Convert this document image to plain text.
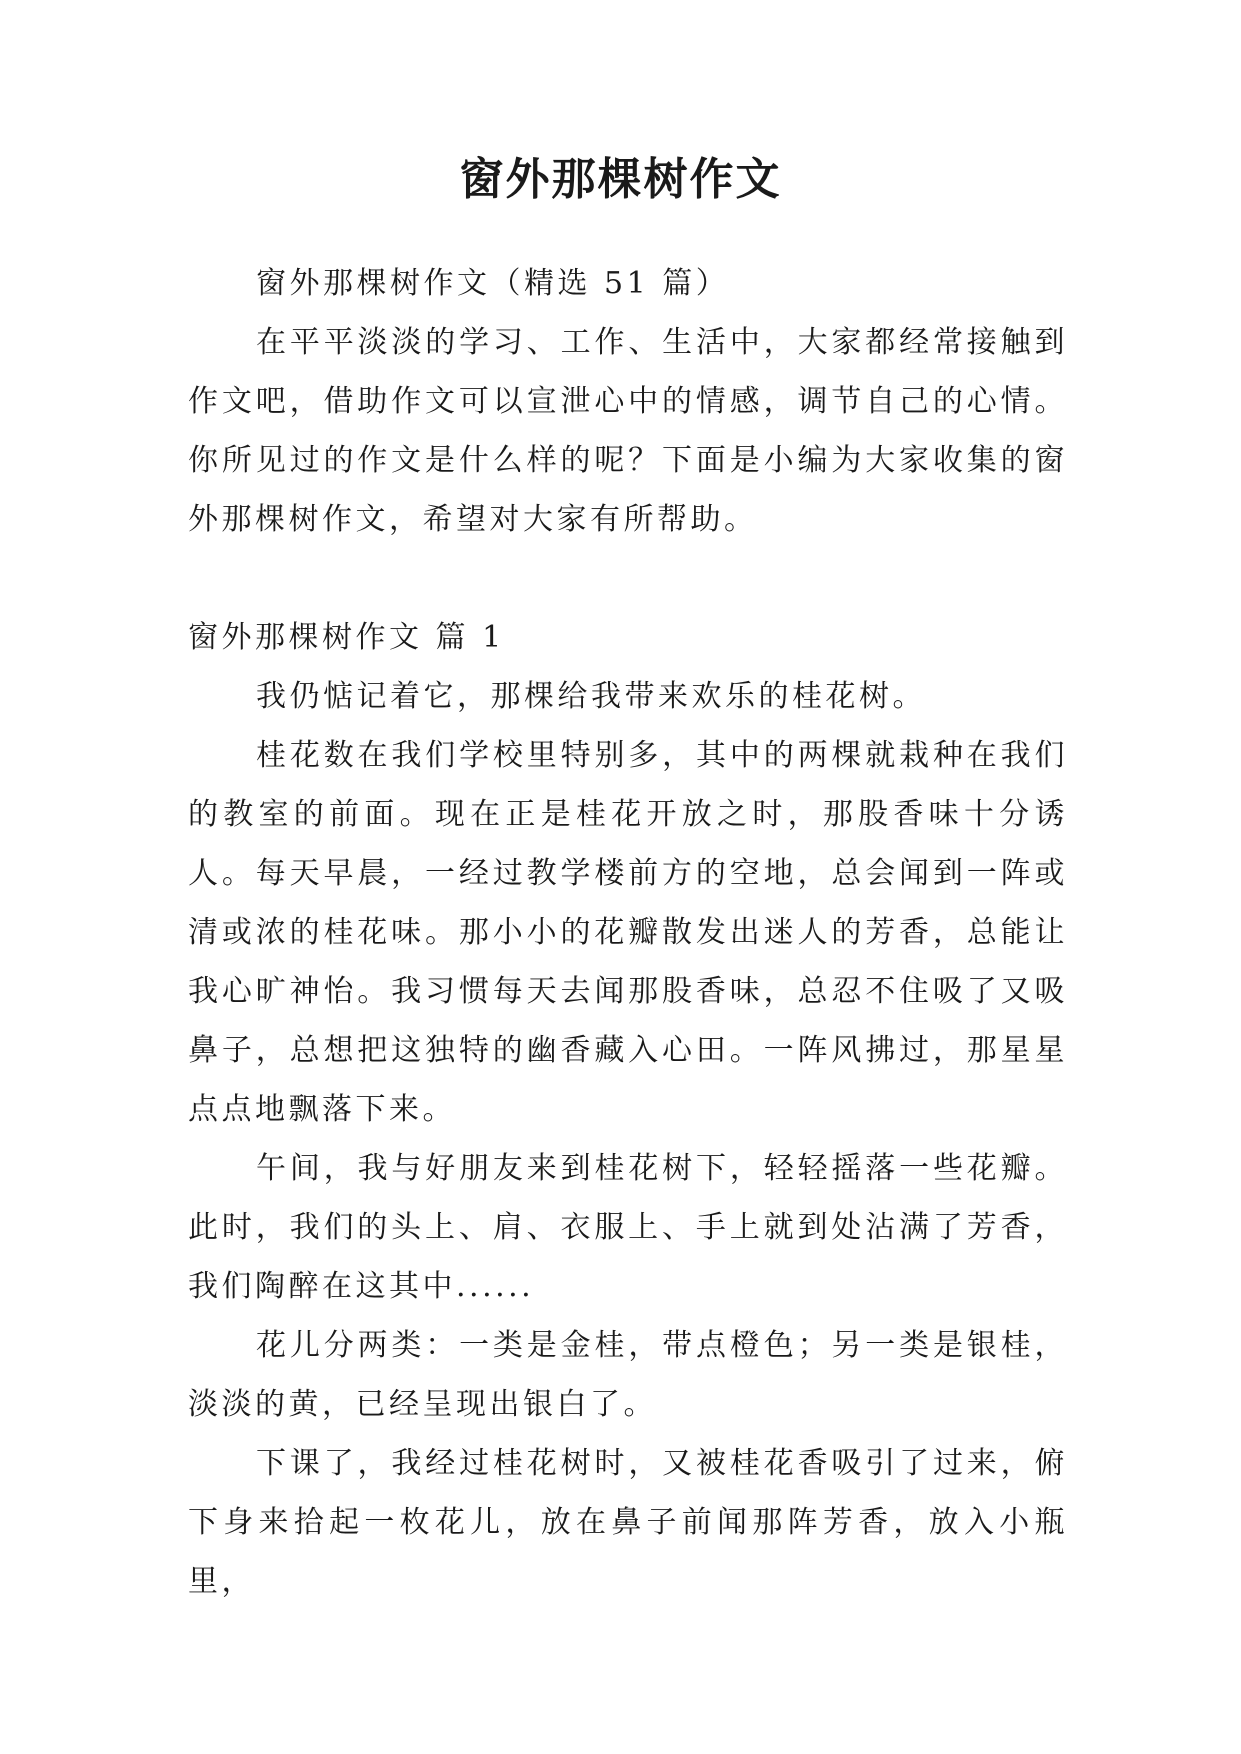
窗外那棵树作文

窗外那棵树作文（精选 51 篇）

在平平淡淡的学习、工作、生活中，大家都经常接触到作文吧，借助作文可以宣泄心中的情感，调节自己的心情。你所见过的作文是什么样的呢？下面是小编为大家收集的窗外那棵树作文，希望对大家有所帮助。

窗外那棵树作文 篇 1

我仍惦记着它，那棵给我带来欢乐的桂花树。

桂花数在我们学校里特别多，其中的两棵就栽种在我们的教室的前面。现在正是桂花开放之时，那股香味十分诱人。每天早晨，一经过教学楼前方的空地，总会闻到一阵或清或浓的桂花味。那小小的花瓣散发出迷人的芳香，总能让我心旷神怡。我习惯每天去闻那股香味，总忍不住吸了又吸鼻子，总想把这独特的幽香藏入心田。一阵风拂过，那星星点点地飘落下来。

午间，我与好朋友来到桂花树下，轻轻摇落一些花瓣。此时，我们的头上、肩、衣服上、手上就到处沾满了芳香，我们陶醉在这其中......

花儿分两类：一类是金桂，带点橙色；另一类是银桂，淡淡的黄，已经呈现出银白了。

下课了，我经过桂花树时，又被桂花香吸引了过来，俯下身来拾起一枚花儿，放在鼻子前闻那阵芳香，放入小瓶里，
